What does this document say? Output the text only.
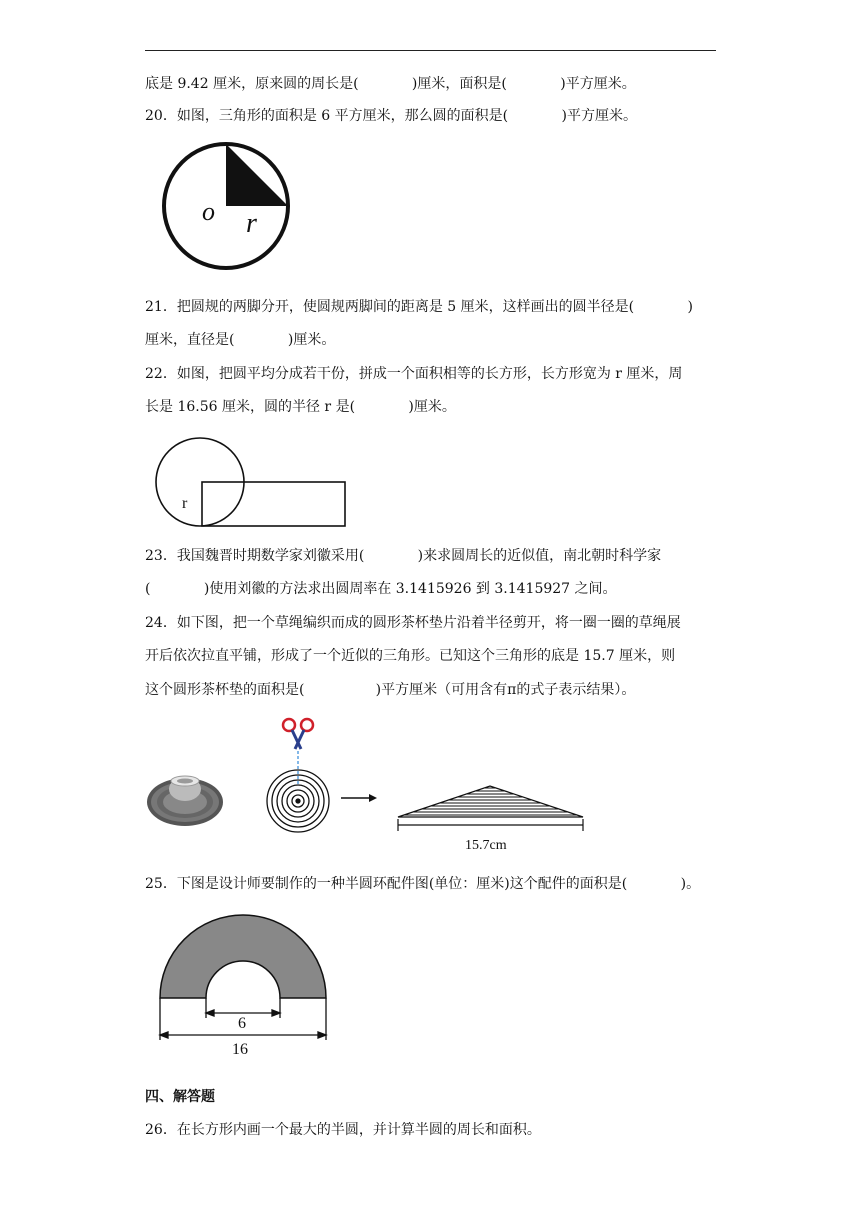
底是 9.42 厘米，原来圆的周长是(            )厘米，面积是(            )平方厘米。
20．如图，三角形的面积是 6 平方厘米，那么圆的面积是(            )平方厘米。
o r
21．把圆规的两脚分开，使圆规两脚间的距离是 5 厘米，这样画出的圆半径是(            )
厘米，直径是(            )厘米。
22．如图，把圆平均分成若干份，拼成一个面积相等的长方形，长方形宽为 r 厘米，周
长是 16.56 厘米，圆的半径 r 是(            )厘米。
r
23．我国魏晋时期数学家刘徽采用(            )来求圆周长的近似值，南北朝时科学家
(            )使用刘徽的方法求出圆周率在 3.1415926 到 3.1415927 之间。
24．如下图，把一个草绳编织而成的圆形茶杯垫片沿着半径剪开，将一圈一圈的草绳展
开后依次拉直平铺，形成了一个近似的三角形。已知这个三角形的底是 15.7 厘米，则
这个圆形茶杯垫的面积是(                )平方厘米（可用含有π的式子表示结果）。
15.7cm
25．下图是设计师要制作的一种半圆环配件图(单位：厘米)这个配件的面积是(            )。
6
16
四、解答题
26．在长方形内画一个最大的半圆，并计算半圆的周长和面积。
